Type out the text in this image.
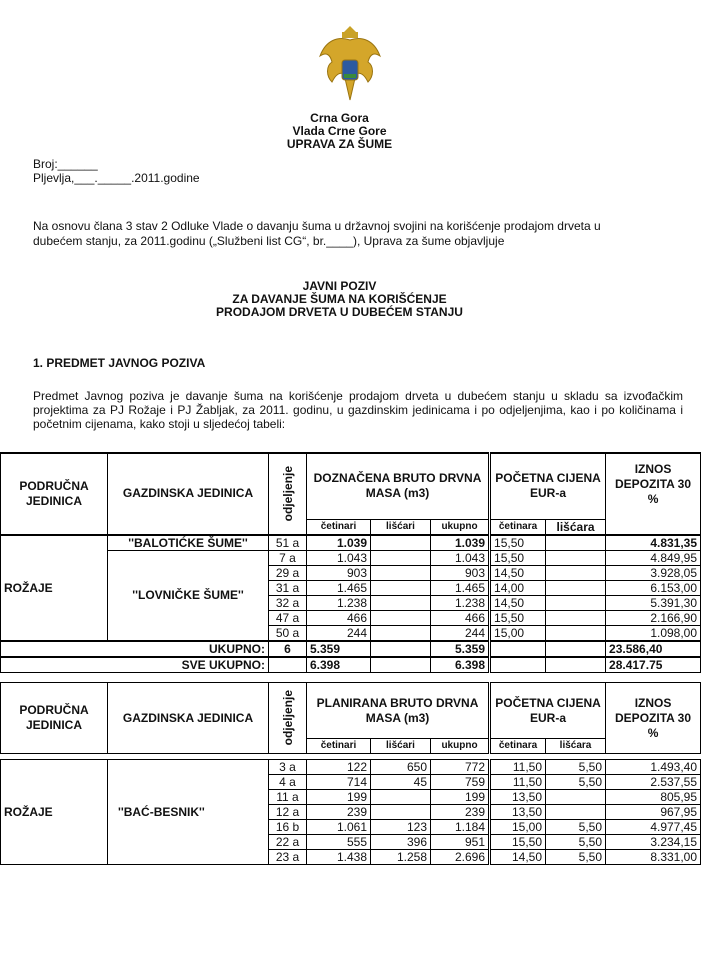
Crna Gora
Vlada Crne Gore
UPRAVA ZA ŠUME
Broj:______
Pljevlja,___._____.2011.godine

Na osnovu člana 3 stav 2 Odluke Vlade o davanju šuma u državnoj svojini na korišćenje prodajom drveta u dubećem stanju, za 2011.godinu („Službeni list CG“, br.____), Uprava za šume objavljuje

JAVNI POZIV
ZA DAVANJE ŠUMA NA KORIŠĆENJE
PRODAJOM DRVETA U DUBEĆEM STANJU
1. PREDMET JAVNOG POZIVA

Predmet Javnog poziva je davanje šuma na korišćenje prodajom drveta u dubećem stanju u skladu sa izvođačkim projektima za PJ Rožaje i PJ Žabljak, za 2011. godinu, u gazdinskim jedinicama i po odjeljenjima, kao i po količinama i početnim cijenama, kako stoji u sljedećoj tabeli:

PODRUČNA JEDINICA	GAZDINSKA JEDINICA	odjeljenje	DOZNAČENA BRUTO DRVNA MASA (m3)			POČETNA CIJENA EUR-a		IZNOS DEPOZITA 30 %
			četinari	lišćari	ukupno	četinara	lišćara	
ROŽAJE	''BALOTIĆKE ŠUME''	51 a	1.039		1.039	15,50		4.831,35
	''LOVNIČKE ŠUME''	7 a	1.043		1.043	15,50		4.849,95
		29 a	903		903	14,50		3.928,05
		31 a	1.465		1.465	14,00		6.153,00
		32 a	1.238		1.238	14,50		5.391,30
		47 a	466		466	15,50		2.166,90
		50 a	244		244	15,00		1.098,00
UKUPNO:		6	5.359		5.359			23.586,40
SVE UKUPNO:			6.398		6.398			28.417.75
PODRUČNA JEDINICA	GAZDINSKA JEDINICA	odjeljenje	PLANIRANA BRUTO DRVNA MASA (m3)			POČETNA CIJENA EUR-a		IZNOS DEPOZITA 30 %
			četinari	lišćari	ukupno	četinara	lišćara	

ROŽAJE	''BAĆ-BESNIK''	3 a	122	650	772	11,50	5,50	1.493,40
		4 a	714	45	759	11,50	5,50	2.537,55
		11 a	199		199	13,50		805,95
		12 a	239		239	13,50		967,95
		16 b	1.061	123	1.184	15,00	5,50	4.977,45
		22 a	555	396	951	15,50	5,50	3.234,15
		23 a	1.438	1.258	2.696	14,50	5,50	8.331,00
